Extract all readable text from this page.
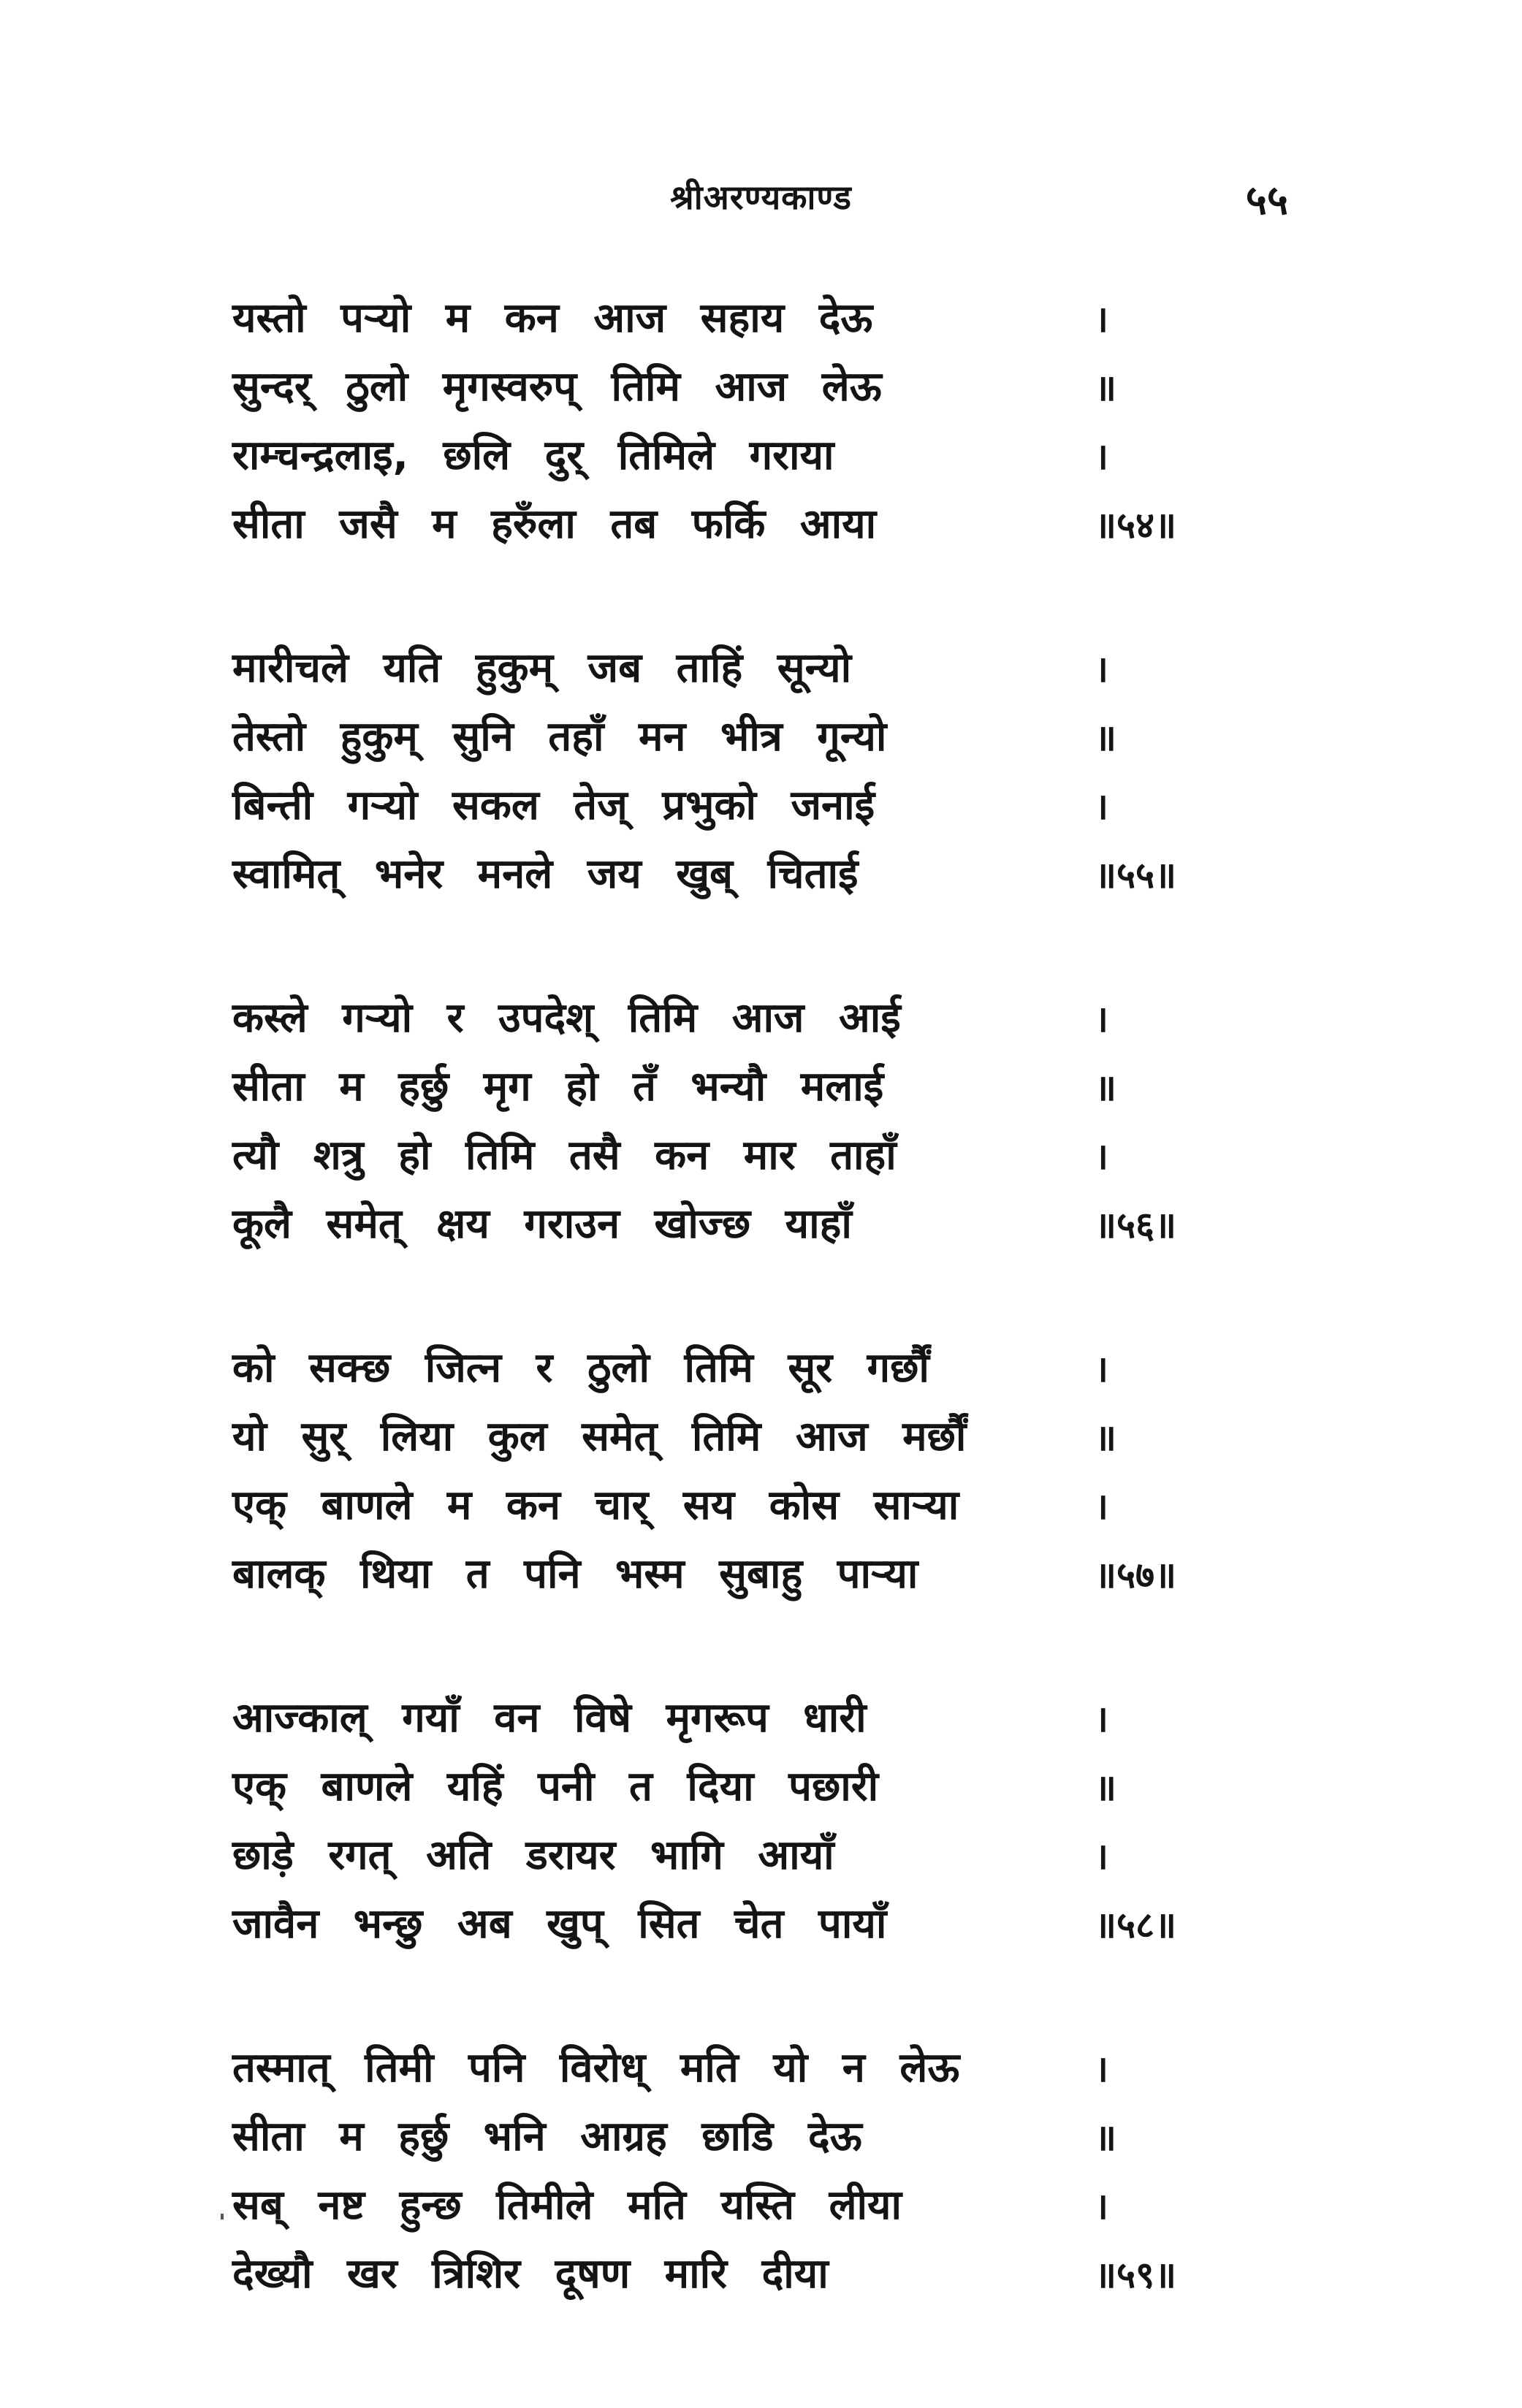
श्रीअरण्यकाण्ड	५५
यस्तो पऱ्यो म कन आज सहाय देऊ	।
सुन्दर् ठुलो मृगस्वरुप् तिमि आज लेऊ	॥
राम्चन्द्रलाइ, छलि दुर् तिमिले गराया	।
सीता जसै म हरुँला तब फर्कि आया	॥५४॥
मारीचले यति हुकुम् जब ताहिं सून्यो	।
तेस्तो हुकुम् सुनि तहाँ मन भीत्र गून्यो	॥
बिन्ती गऱ्यो सकल तेज् प्रभुको जनाई	।
स्वामित् भनेर मनले जय खुब् चिताई	॥५५॥
कस्ले गऱ्यो र उपदेश् तिमि आज आई	।
सीता म हर्छु मृग हो तँ भन्यौ मलाई	॥
त्यौ शत्रु हो तिमि तसै कन मार ताहाँ	।
कूलै समेत् क्षय गराउन खोज्छ याहाँ	॥५६॥
को सक्छ जित्न र ठुलो तिमि सूर गर्छौं	।
यो सुर् लिया कुल समेत् तिमि आज मर्छौं	॥
एक् बाणले म कन चार् सय कोस साऱ्या	।
बालक् थिया त पनि भस्म सुबाहु पाऱ्या	॥५७॥
आज्काल् गयाँ वन विषे मृगरूप धारी	।
एक् बाणले यहिं पनी त दिया पछारी	॥
छाड़े रगत् अति डरायर भागि आयाँ	।
जावैन भन्छु अब खुप् सित चेत पायाँ	॥५८॥
तस्मात् तिमी पनि विरोध् मति यो न लेऊ	।
सीता म हर्छु भनि आग्रह छाडि देऊ	॥
सब् नष्ट हुन्छ तिमीले मति यस्ति लीया	।
देख्यौ खर त्रिशिर दूषण मारि दीया	॥५९॥
